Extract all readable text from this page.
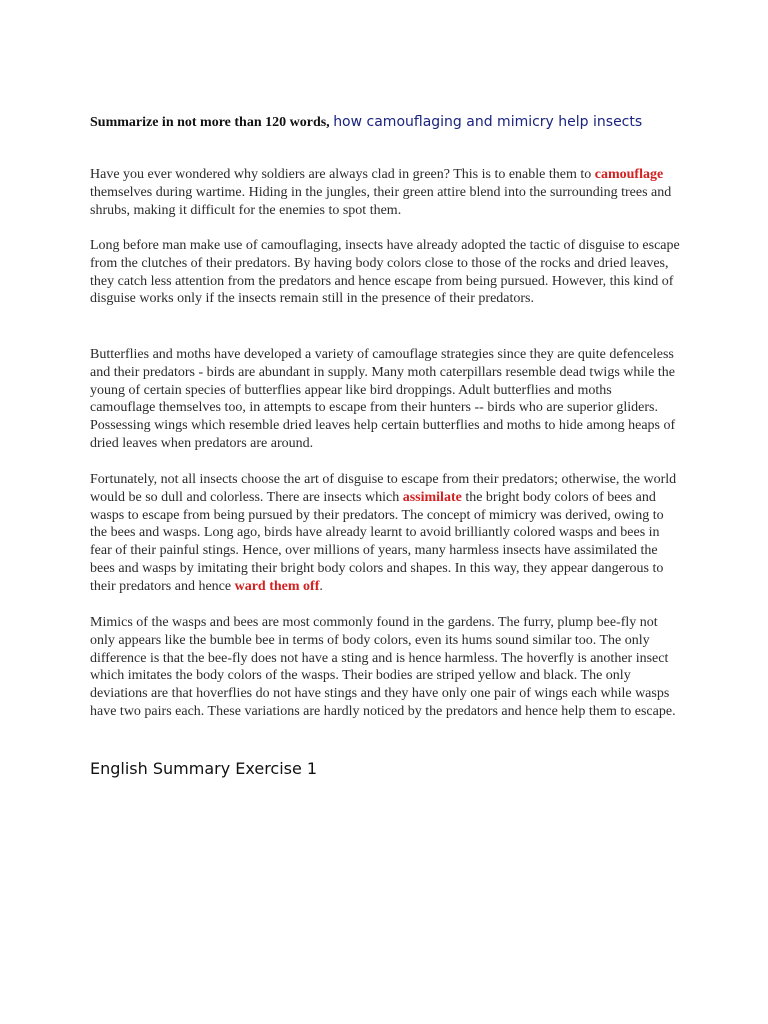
Summarize in not more than 120 words, how camouflaging and mimicry help insects

Have you ever wondered why soldiers are always clad in green? This is to enable them to camouflage themselves during wartime. Hiding in the jungles, their green attire blend into the surrounding trees and shrubs, making it difficult for the enemies to spot them.

Long before man make use of camouflaging, insects have already adopted the tactic of disguise to escape from the clutches of their predators. By having body colors close to those of the rocks and dried leaves, they catch less attention from the predators and hence escape from being pursued. However, this kind of disguise works only if the insects remain still in the presence of their predators.

Butterflies and moths have developed a variety of camouflage strategies since they are quite defenceless and their predators - birds are abundant in supply. Many moth caterpillars resemble dead twigs while the young of certain species of butterflies appear like bird droppings. Adult butterflies and moths camouflage themselves too, in attempts to escape from their hunters -- birds who are superior gliders. Possessing wings which resemble dried leaves help certain butterflies and moths to hide among heaps of dried leaves when predators are around.

Fortunately, not all insects choose the art of disguise to escape from their predators; otherwise, the world would be so dull and colorless. There are insects which assimilate the bright body colors of bees and wasps to escape from being pursued by their predators. The concept of mimicry was derived, owing to the bees and wasps. Long ago, birds have already learnt to avoid brilliantly colored wasps and bees in fear of their painful stings. Hence, over millions of years, many harmless insects have assimilated the bees and wasps by imitating their bright body colors and shapes. In this way, they appear dangerous to their predators and hence ward them off.

Mimics of the wasps and bees are most commonly found in the gardens. The furry, plump bee-fly not only appears like the bumble bee in terms of body colors, even its hums sound similar too. The only difference is that the bee-fly does not have a sting and is hence harmless. The hoverfly is another insect which imitates the body colors of the wasps. Their bodies are striped yellow and black. The only deviations are that hoverflies do not have stings and they have only one pair of wings each while wasps have two pairs each. These variations are hardly noticed by the predators and hence help them to escape.

English Summary Exercise 1
